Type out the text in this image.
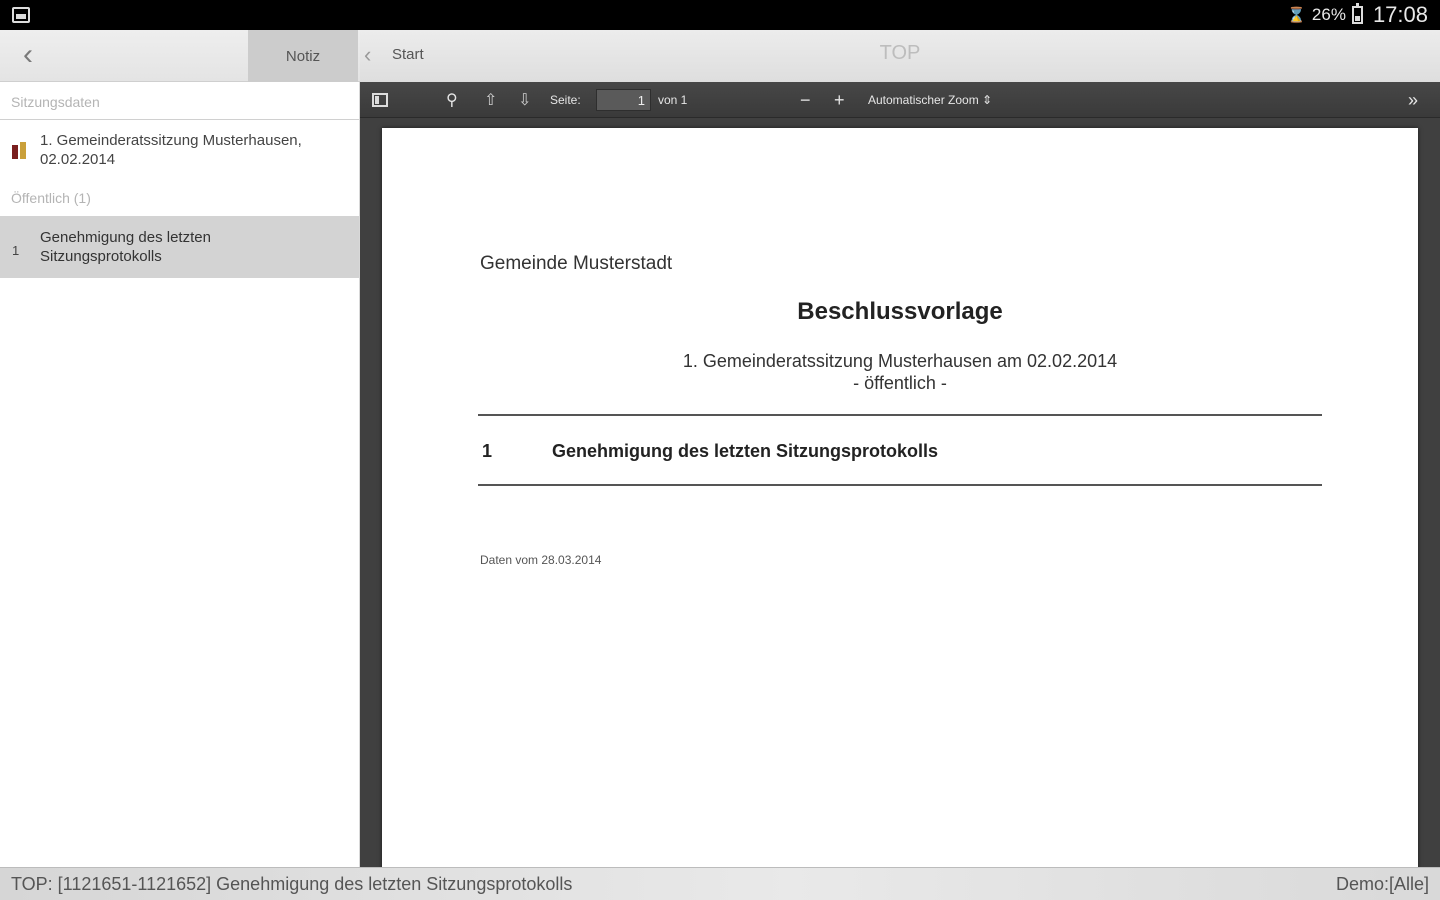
⌛ 26% 17:08
‹	Notiz
Sitzungsdaten
1. Gemeinderatssitzung Musterhausen,
02.02.2014
Öffentlich (1)
1
Genehmigung des letzten
Sitzungsprotokolls
‹ Start	TOP
⚲ ⇧ ⇩ Seite:
1	von 1	− + Automatischer Zoom ⇕	»
Gemeinde Musterstadt
Beschlussvorlage
1. Gemeinderatssitzung Musterhausen am 02.02.2014
- öffentlich -
1	Genehmigung des letzten Sitzungsprotokolls
Daten vom 28.03.2014
TOP: [1121651-1121652] Genehmigung des letzten Sitzungsprotokolls	Demo:[Alle]
